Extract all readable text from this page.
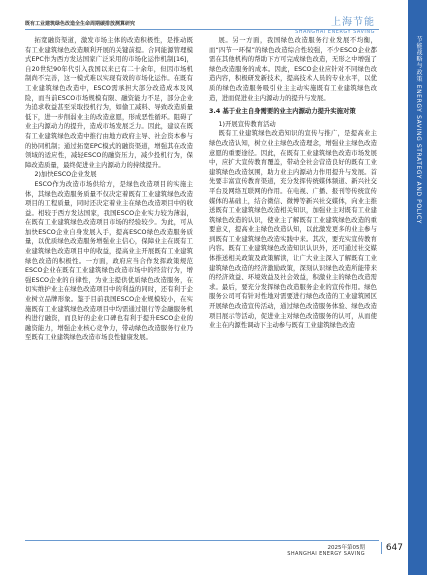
既有工业建筑绿色改造全生命周期碳排放测算研究	上海节能
SHANGHAI ENERGY SAVING
节能战略与政策 ENERGY SAVING STRATEGY AND POLICY

拓宽融资渠道，激发市场主体的改造积极性，是推动既有工业建筑绿色改造顺利开展的关键前提。合同能源管理模式EPC作为西方发达国家广泛采用的市场化运作机制[16]，自20世纪90年代引入我国以来已有二十余年，但因市场机制尚不完善，这一模式难以实现有效的市场化运作。在既有工业建筑绿色改造中，ESCO需承担大部分改造成本及风险，而当前ESCO市场规模有限、融资能力不足，部分企业为追求收益甚至采取投机行为，如偷工减料、导致改造质量低下，进一步削弱业主的改造意愿，形成恶性循环。阻碍了业主内源动力的提升，造成市场发展乏力。因此，建议在既有工业建筑绿色改造中推行由地方政府主导、社会资本参与的协同机制；通过拓宽EPC模式的融资渠道，增强其在改造领域的适应性，减轻ESCO的融资压力，减少投机行为，保障改造质量，最终促进业主内源动力的持续提升。

2)加快ESCO企业发展

ESCO作为改造市场供给方，是绿色改造项目的实施主体，其绿色改造服务质量不仅决定着既有工业建筑绿色改造项目的工程质量，同时还决定着业主在绿色改造项目中的收益。相较于西方发达国家，我国ESCO企业实力较为薄弱，在既有工业建筑绿色改造项目市场的经验较少。为此，可从加快ESCO企业自身发展入手，提高ESCO绿色改造服务质量，以优质绿色改造服务增强业主信心，保障业主在既有工业建筑绿色改造项目中的收益，提高业主开展既有工业建筑绿色改造的积极性。一方面，政府应当合作发挥政策规范ESCO企业在既有工业建筑绿色改造市场中的经营行为，增强ESCO企业的自律性，为业主提供优质绿色改造服务，在切实维护业主在绿色改造项目中的利益的同时，还有利于企业树立品牌形象。鉴于目前我国ESCO企业规模较小，在实施既有工业建筑绿色改造项目中均需通过银行等金融服务机构进行融资，而良好的企业口碑也有利于提升ESCO企业的融资能力，增强企业核心竞争力，带动绿色改造服务行业乃至既有工业建筑绿色改造市场良性健康发展。

展。另一方面，我国绿色改造服务行业发展不均衡，而“四节一环保”的绿色改造综合性较强，不少ESCO企业都需在其他机构的帮助下方可完成绿色改造，无形之中增强了绿色改造服务的成本。因此，ESCO企业应针对不同绿色改造内容，积极研发新技术，提高技术人员的专业水平，以优质的绿色改造服务吸引业主主动实施既有工业建筑绿色改造，进而促进业主内源动力的提升与发展。

3.4 基于业主自身需要的业主内源动力提升实施对策

1)开展宣传教育活动

既有工业建筑绿色改造知识的宣传与推广，是提高业主绿色改造认知，树立业主绿色改造理念，增强业主绿色改造意愿的重要途径。因此，在既有工业建筑绿色改造市场发展中，应扩大宣传教育覆盖，带动全社会营造良好的既有工业建筑绿色改造氛围，助力业主内源动力作用提升与发展。首先要丰富宣传教育渠道，充分发挥传统媒体频道、新兴社交平台及网络互联网的作用。在电视、广播、报刊等传统宣传媒体的基础上，结合微信、微博等新兴社交媒体，向业主推送既有工业建筑绿色改造相关知识，加强业主对既有工业建筑绿色改造的认识，使业主了解既有工业建筑绿色改造的重要意义，提高业主绿色改造认知，以此激发更多的业主参与到既有工业建筑绿色改造实践中来。其次，要充实宣传教育内容。既有工业建筑绿色改造知识认识外，还可通过社交媒体推送相关政策及政策解读，让广大业主深入了解既有工业建筑绿色改造的经济激励政策，深刻认识绿色改造所能带来的经济效益、环境效益及社会效益，积激业主的绿色改造需求。最后，要充分发挥绿色改造服务企业的宣传作用。绿色服务公司可有针对性地对需要进行绿色改造的工业建筑园区开展绿色改造宣传活动，通过绿色改造服务体验、绿色改造项目展示等活动，促进业主对绿色改造服务的认可，从而使业主在内源性调动下主动参与既有工业建筑绿色改造

2025年第05期
SHANGHAI ENERGY SAVING
647
